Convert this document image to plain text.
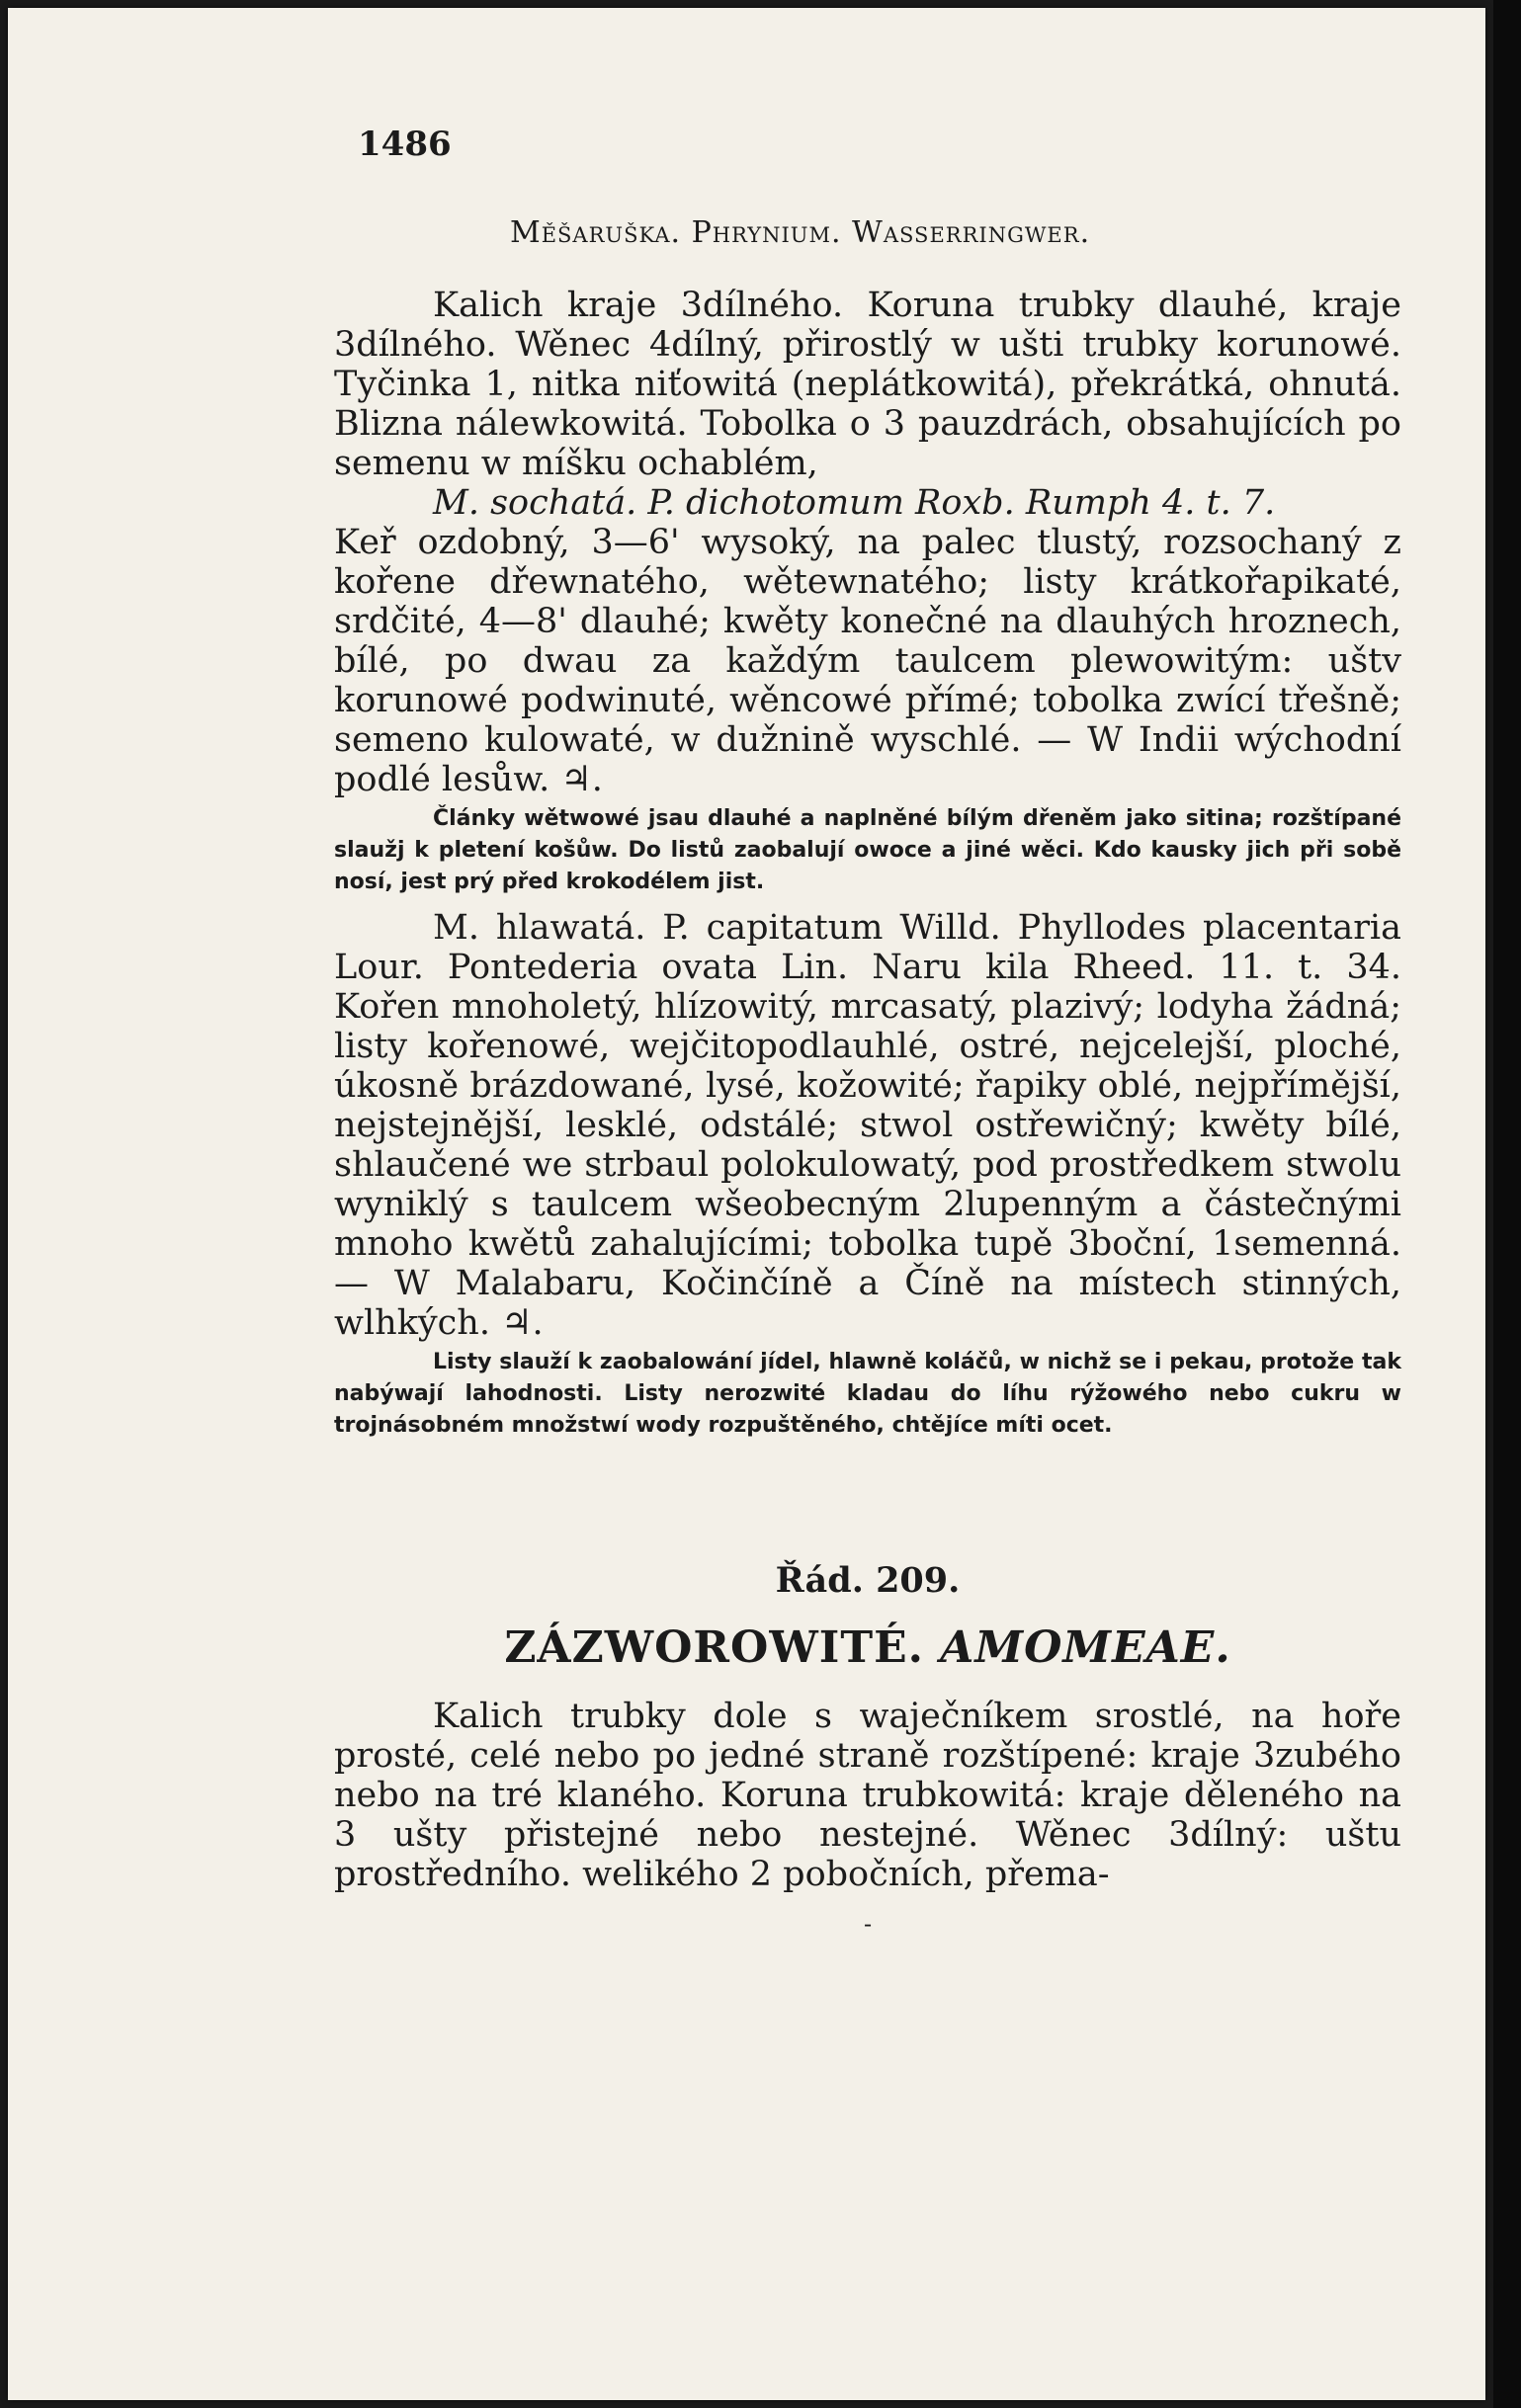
1486
Měšaruška. Phrynium. Wasserringwer.

Kalich kraje 3dílného. Koruna trubky dlauhé, kraje 3dílného. Wěnec 4dílný, přirostlý w ušti trubky korunowé. Tyčinka 1, nitka niťowitá (neplátkowitá), překrátká, ohnutá. Blizna nálewkowitá. Tobolka o 3 pauzdrách, obsahujících po semenu w míšku ochablém,

M. sochatá. P. dichotomum Roxb. Rumph 4. t. 7.

Keř ozdobný, 3—6' wysoký, na palec tlustý, rozsochaný z kořene dřewnatého, wětewnatého; listy krátkořapikaté, srdčité, 4—8' dlauhé; kwěty konečné na dlauhých hroznech, bílé, po dwau za každým taulcem plewowitým: uštv korunowé podwinuté, wěncowé přímé; tobolka zwící třešně; semeno kulowaté, w dužnině wyschlé. — W Indii wýchodní podlé lesůw. ♃.

Články wětwowé jsau dlauhé a naplněné bílým dřeněm jako sitina; rozštípané slaužj k pletení košůw. Do listů zaobalují owoce a jiné wěci. Kdo kausky jich při sobě nosí, jest prý před krokodélem jist.

M. hlawatá. P. capitatum Willd. Phyllodes placentaria Lour. Pontederia ovata Lin. Naru kila Rheed. 11. t. 34. Kořen mnoholetý, hlízowitý, mrcasatý, plazivý; lodyha žádná; listy kořenowé, wejčitopodlauhlé, ostré, nejcelejší, ploché, úkosně brázdowané, lysé, kožowité; řapiky oblé, nejpřímější, nejstejnější, lesklé, odstálé; stwol ostřewičný; kwěty bílé, shlaučené we strbaul polokulowatý, pod prostředkem stwolu wyniklý s taulcem wšeobecným 2lupenným a částečnými mnoho kwětů zahalujícími; tobolka tupě 3boční, 1semenná. — W Malabaru, Kočinčíně a Číně na místech stinných, wlhkých. ♃.

Listy slauží k zaobalowání jídel, hlawně koláčů, w nichž se i pekau, protože tak nabýwají lahodnosti. Listy nerozwité kladau do líhu rýžowého nebo cukru w trojnásobném množstwí wody rozpuštěného, chtějíce míti ocet.

Řád. 209.
ZÁZWOROWITÉ. AMOMEAE.

Kalich trubky dole s waječníkem srostlé, na hoře prosté, celé nebo po jedné straně rozštípené: kraje 3zubého nebo na tré klaného. Koruna trubkowitá: kraje děleného na 3 ušty přistejné nebo nestejné. Wěnec 3dílný: uštu prostředního. welikého 2 pobočních, přema-

-
